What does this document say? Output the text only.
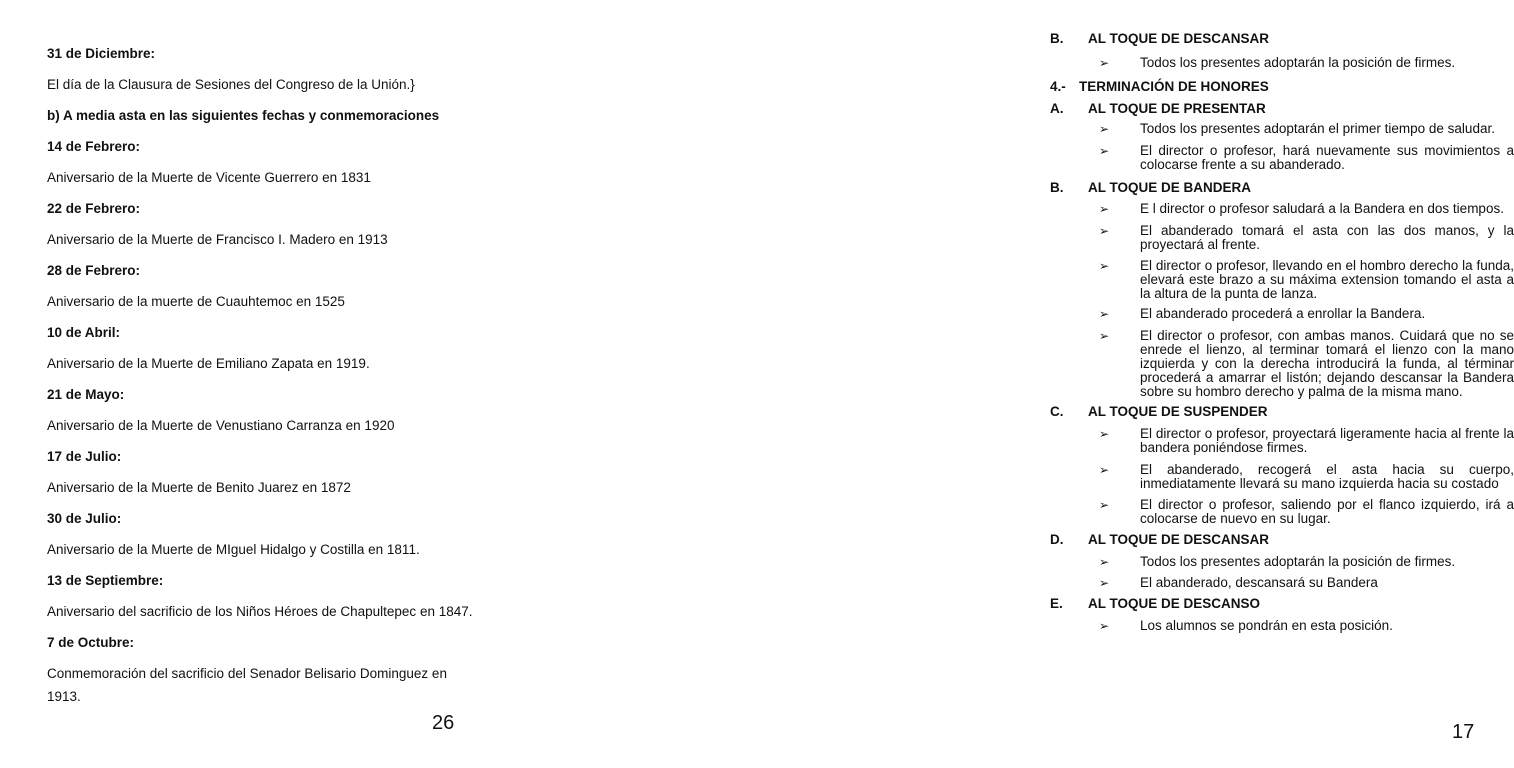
31 de Diciembre:

El día de la Clausura de Sesiones del Congreso de la Unión.}

b) A media asta en las siguientes fechas y conmemoraciones

14 de Febrero:

Aniversario de la Muerte de Vicente Guerrero en 1831

22 de Febrero:

Aniversario de la Muerte de Francisco I. Madero en 1913

28 de Febrero:

Aniversario de la muerte de Cuauhtemoc en 1525

10 de Abril:

Aniversario de la Muerte de Emiliano Zapata en 1919.

21 de Mayo:

Aniversario de la Muerte de Venustiano Carranza en 1920

17 de Julio:

Aniversario de la Muerte de Benito Juarez en 1872

30 de Julio:

Aniversario de la Muerte de MIguel Hidalgo y Costilla en 1811.

13 de Septiembre:

Aniversario del sacrificio de los Niños Héroes de Chapultepec en 1847.

7 de Octubre:

Conmemoración del sacrificio del Senador Belisario Dominguez en 1913.

26
B.	AL TOQUE DE DESCANSAR
➢	Todos los presentes adoptarán la posición de firmes.
4.- TERMINACIÓN DE HONORES
A.	AL TOQUE DE PRESENTAR
➢	Todos los presentes adoptarán el primer tiempo de saludar.
➢	El director o profesor, hará nuevamente sus movimientos a colocarse frente a su abanderado.
B.	AL TOQUE DE BANDERA
➢	E l director o profesor saludará a la Bandera en dos tiempos.
➢	El abanderado tomará el asta con las dos manos, y la proyectará al frente.
➢	El director o profesor, llevando en el hombro derecho la funda, elevará este brazo a su máxima extension tomando el asta a la altura de la punta de lanza.
➢	El abanderado procederá a enrollar la Bandera.
➢	El director o profesor, con ambas manos. Cuidará que no se enrede el lienzo, al terminar tomará el lienzo con la mano izquierda y con la derecha introducirá la funda, al términar procederá a amarrar el listón; dejando descansar la Bandera sobre su hombro derecho y palma de la misma mano.
C.	AL TOQUE DE SUSPENDER
➢	El director o profesor, proyectará ligeramente hacia al frente la bandera poniéndose firmes.
➢	El abanderado, recogerá el asta hacia su cuerpo, inmediatamente llevará su mano izquierda hacia su costado
➢	El director o profesor, saliendo por el flanco izquierdo, irá a colocarse de nuevo en su lugar.
D.	AL TOQUE DE DESCANSAR
➢	Todos los presentes adoptarán la posición de firmes.
➢	El abanderado, descansará su Bandera
E.	AL TOQUE DE DESCANSO
➢	Los alumnos se pondrán en esta posición.
17
